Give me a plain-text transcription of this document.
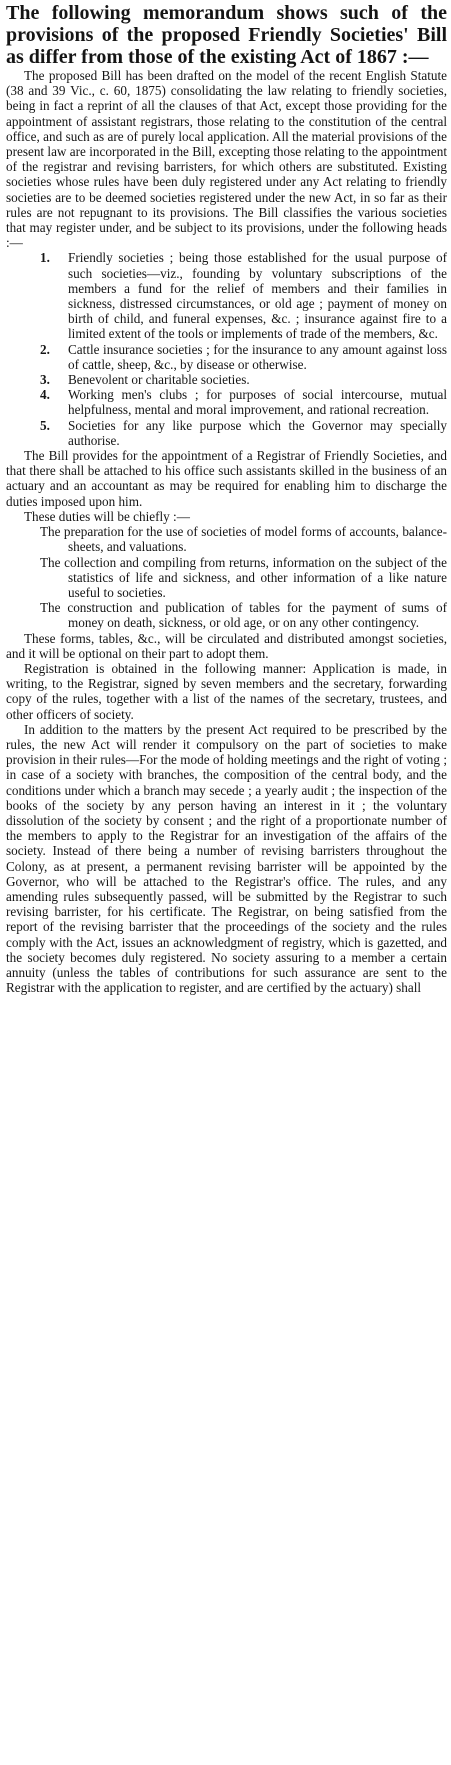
The following memorandum shows such of the provisions of the proposed Friendly Societies' Bill as differ from those of the existing Act of 1867 :—

The proposed Bill has been drafted on the model of the recent English Statute (38 and 39 Vic., c. 60, 1875) consolidating the law relating to friendly societies, being in fact a reprint of all the clauses of that Act, except those providing for the appointment of assistant registrars, those relating to the constitution of the central office, and such as are of purely local application. All the material provisions of the present law are incorporated in the Bill, excepting those relating to the appointment of the registrar and revising barristers, for which others are substituted. Existing societies whose rules have been duly registered under any Act relating to friendly societies are to be deemed societies registered under the new Act, in so far as their rules are not repugnant to its provisions. The Bill classifies the various societies that may register under, and be subject to its provisions, under the following heads :—

1. Friendly societies ; being those established for the usual purpose of such societies—viz., founding by voluntary subscriptions of the members a fund for the relief of members and their families in sickness, distressed circumstances, or old age ; payment of money on birth of child, and funeral expenses, &c. ; insurance against fire to a limited extent of the tools or implements of trade of the members, &c.
2. Cattle insurance societies ; for the insurance to any amount against loss of cattle, sheep, &c., by disease or otherwise.
3. Benevolent or charitable societies.
4. Working men's clubs ; for purposes of social intercourse, mutual helpfulness, mental and moral improvement, and rational recreation.
5. Societies for any like purpose which the Governor may specially authorise.

The Bill provides for the appointment of a Registrar of Friendly Societies, and that there shall be attached to his office such assistants skilled in the business of an actuary and an accountant as may be required for enabling him to discharge the duties imposed upon him.

These duties will be chiefly :—

The preparation for the use of societies of model forms of accounts, balance-sheets, and valuations.
The collection and compiling from returns, information on the subject of the statistics of life and sickness, and other information of a like nature useful to societies.
The construction and publication of tables for the payment of sums of money on death, sickness, or old age, or on any other contingency.

These forms, tables, &c., will be circulated and distributed amongst societies, and it will be optional on their part to adopt them.

Registration is obtained in the following manner: Application is made, in writing, to the Registrar, signed by seven members and the secretary, forwarding copy of the rules, together with a list of the names of the secretary, trustees, and other officers of society.

In addition to the matters by the present Act required to be prescribed by the rules, the new Act will render it compulsory on the part of societies to make provision in their rules—For the mode of holding meetings and the right of voting ; in case of a society with branches, the composition of the central body, and the conditions under which a branch may secede ; a yearly audit ; the inspection of the books of the society by any person having an interest in it ; the voluntary dissolution of the society by consent ; and the right of a proportionate number of the members to apply to the Registrar for an investigation of the affairs of the society. Instead of there being a number of revising barristers throughout the Colony, as at present, a permanent revising barrister will be appointed by the Governor, who will be attached to the Registrar's office. The rules, and any amending rules subsequently passed, will be submitted by the Registrar to such revising barrister, for his certificate. The Registrar, on being satisfied from the report of the revising barrister that the proceedings of the society and the rules comply with the Act, issues an acknowledgment of registry, which is gazetted, and the society becomes duly registered. No society assuring to a member a certain annuity (unless the tables of contributions for such assurance are sent to the Registrar with the application to register, and are certified by the actuary) shall
